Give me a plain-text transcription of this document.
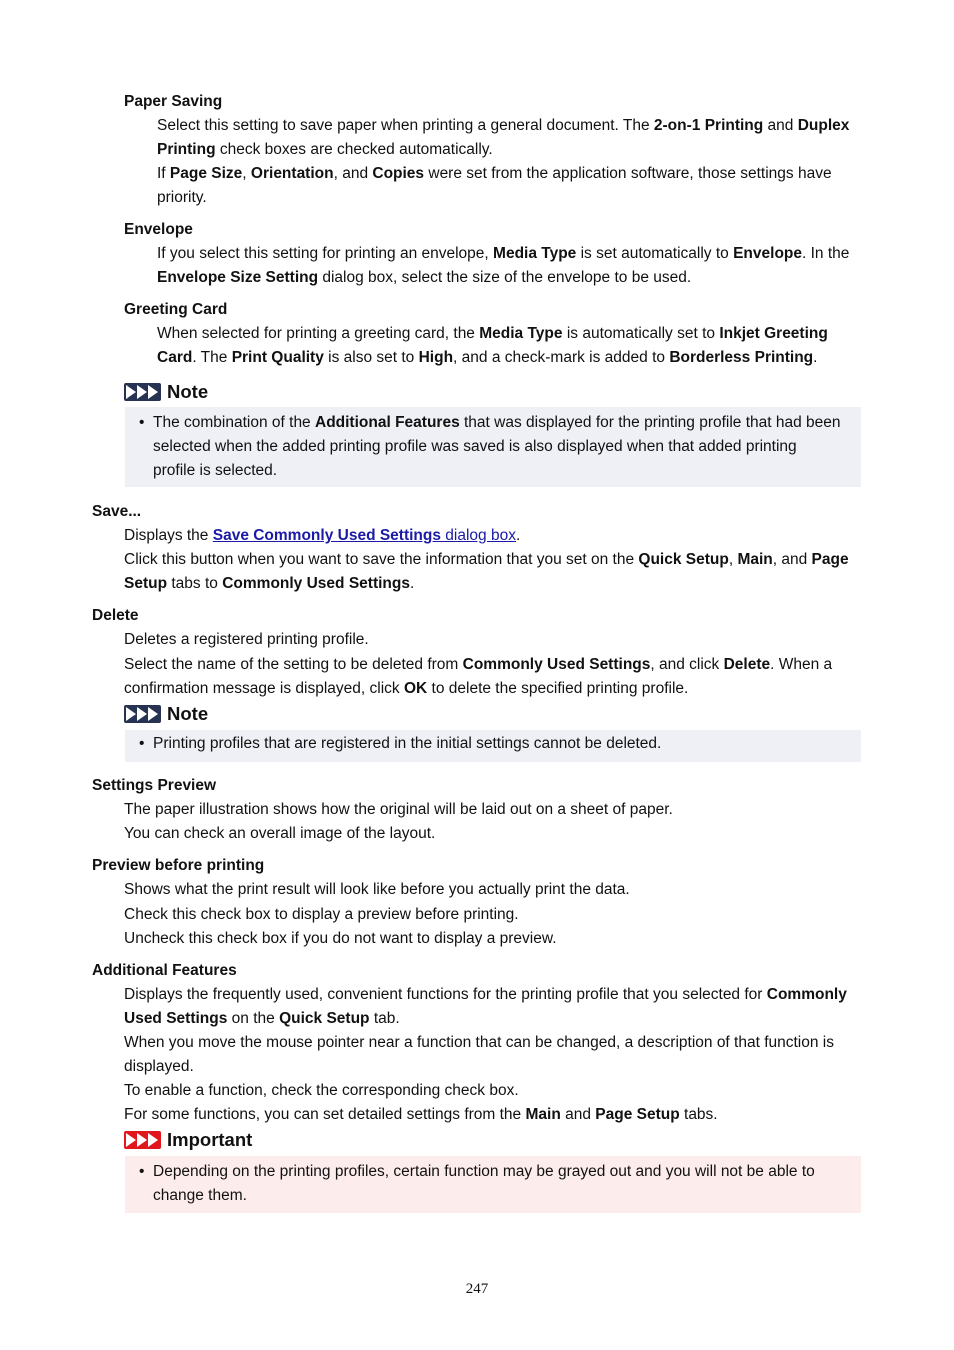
Paper Saving

Select this setting to save paper when printing a general document. The 2-on-1 Printing and Duplex Printing check boxes are checked automatically.

If Page Size, Orientation, and Copies were set from the application software, those settings have priority.

Envelope

If you select this setting for printing an envelope, Media Type is set automatically to Envelope. In the Envelope Size Setting dialog box, select the size of the envelope to be used.

Greeting Card

When selected for printing a greeting card, the Media Type is automatically set to Inkjet Greeting Card. The Print Quality is also set to High, and a check-mark is added to Borderless Printing.

Note
• The combination of the Additional Features that was displayed for the printing profile that had been selected when the added printing profile was saved is also displayed when that added printing profile is selected.

Save...

Displays the Save Commonly Used Settings dialog box.

Click this button when you want to save the information that you set on the Quick Setup, Main, and Page Setup tabs to Commonly Used Settings.

Delete

Deletes a registered printing profile.

Select the name of the setting to be deleted from Commonly Used Settings, and click Delete. When a confirmation message is displayed, click OK to delete the specified printing profile.

Note
• Printing profiles that are registered in the initial settings cannot be deleted.

Settings Preview

The paper illustration shows how the original will be laid out on a sheet of paper.

You can check an overall image of the layout.

Preview before printing

Shows what the print result will look like before you actually print the data.

Check this check box to display a preview before printing.

Uncheck this check box if you do not want to display a preview.

Additional Features

Displays the frequently used, convenient functions for the printing profile that you selected for Commonly Used Settings on the Quick Setup tab.

When you move the mouse pointer near a function that can be changed, a description of that function is displayed.

To enable a function, check the corresponding check box.

For some functions, you can set detailed settings from the Main and Page Setup tabs.

Important
• Depending on the printing profiles, certain function may be grayed out and you will not be able to change them.
247
